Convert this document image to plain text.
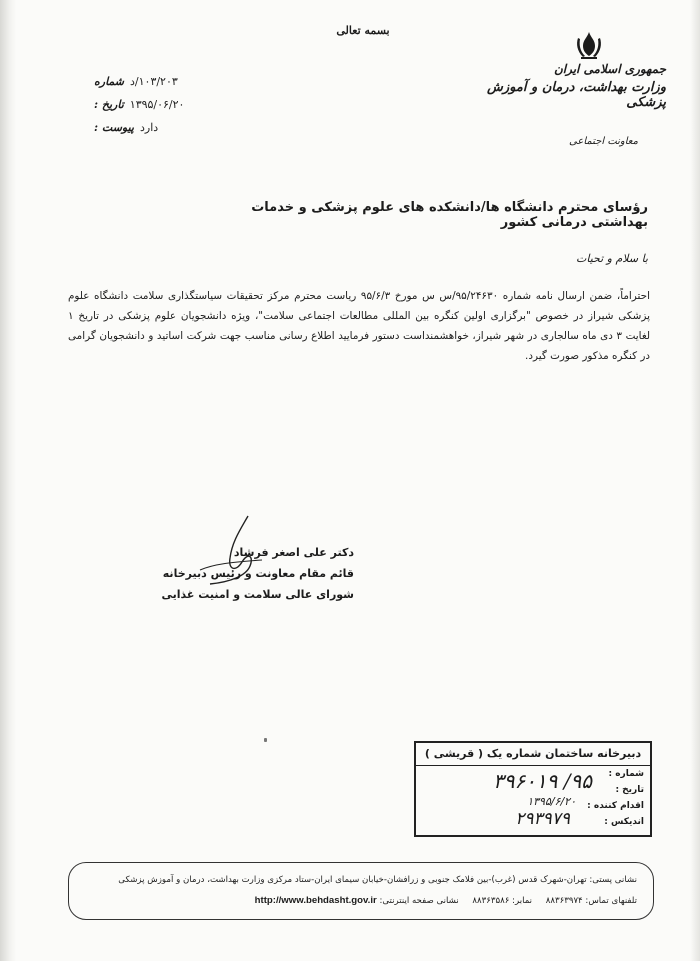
بسمه تعالی
جمهوری اسلامی ایران
وزارت بهداشت، درمان و آموزش پزشکی
معاونت اجتماعی
شماره ۱۰۳/۲۰۳/د
تاریخ : ۱۳۹۵/۰۶/۲۰
پیوست : دارد
رؤسای محترم دانشگاه ها/دانشکده های علوم پزشکی و خدمات بهداشتی درمانی کشور
با سلام و تحیات
احتراماً، ضمن ارسال نامه شماره ۹۵/۲۴۶۳۰/س س مورخ ۹۵/۶/۳ ریاست محترم مرکز تحقیقات سیاستگذاری سلامت دانشگاه علوم پزشکی شیراز در خصوص "برگزاری اولین کنگره بین المللی مطالعات اجتماعی سلامت"، ویژه دانشجویان علوم پزشکی در تاریخ ۱ لغایت ۳ دی ماه سالجاری در شهر شیراز، خواهشمنداست دستور فرمایید اطلاع رسانی مناسب جهت شرکت اساتید و دانشجویان گرامی در کنگره مذکور صورت گیرد.
دکتر علی اصغر فرشاد
قائم مقام معاونت و رئیس دبیرخانه
شورای عالی سلامت و امنیت غذایی
دبیرخانه ساختمان شماره یک ( قریشی )
شماره :
۹۵/ ۳۹۶۰۱۹	تاریخ :
۱۳۹۵/۶/۲۰ اقدام کننده :
اندیکس :
۲۹۳۹۷۹
نشانی پستی: تهران-شهرک قدس (غرب)-بین فلامک جنوبی و زرافشان-خیابان سیمای ایران-ستاد مرکزی وزارت بهداشت، درمان و آموزش پزشکی
تلفنهای تماس: ۸۸۳۶۳۹۷۴     نمابر: ۸۸۳۶۳۵۸۶     نشانی صفحه اینترنتی: http://www.behdasht.gov.ir
